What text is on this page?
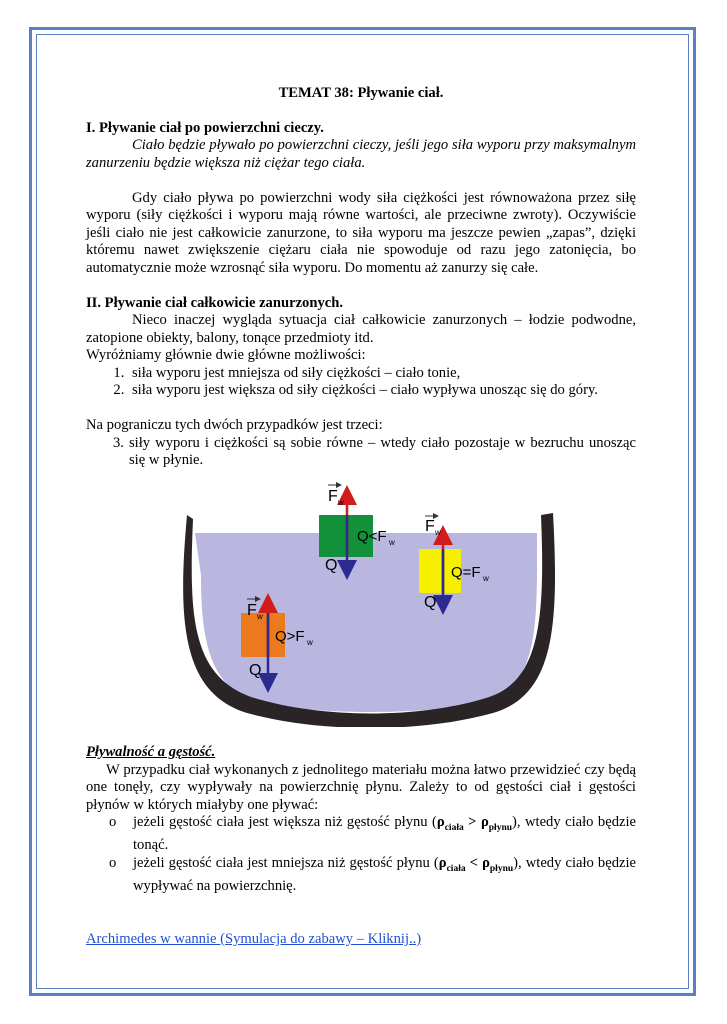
TEMAT 38: Pływanie ciał.

I. Pływanie ciał po powierzchni cieczy.

Ciało będzie pływało po powierzchni cieczy, jeśli jego siła wyporu przy maksymalnym zanurzeniu będzie większa niż ciężar tego ciała.

Gdy ciało pływa po powierzchni wody siła ciężkości jest równoważona przez siłę wyporu (siły ciężkości i wyporu mają równe wartości, ale przeciwne zwroty). Oczywiście jeśli ciało nie jest całkowicie zanurzone, to siła wyporu ma jeszcze pewien „zapas”, dzięki któremu nawet zwiększenie ciężaru ciała nie spowoduje od razu jego zatonięcia, bo automatycznie może wzrosnąć siła wyporu. Do momentu aż zanurzy się całe.

II. Pływanie ciał całkowicie zanurzonych.

Nieco inaczej wygląda sytuacja ciał całkowicie zanurzonych – łodzie podwodne, zatopione obiekty, balony, tonące przedmioty itd.

Wyróżniamy głównie dwie główne możliwości:

1. siła wyporu jest mniejsza od siły ciężkości – ciało tonie,
2. siła wyporu jest większa od siły ciężkości – ciało wypływa unosząc się do góry.

Na pograniczu tych dwóch przypadków jest trzeci:

3. siły wyporu i ciężkości są sobie równe – wtedy ciało pozostaje w bezruchu unosząc się w płynie.
F w
Q
Q<F w
F w
Q
Q=F w
F w
Q
Q>F w

Pływalność a gęstość.

W przypadku ciał wykonanych z jednolitego materiału można łatwo przewidzieć czy będą one tonęły, czy wypływały na powierzchnię płynu. Zależy to od gęstości ciał i gęstości płynów w których miałyby one pływać:

o	jeżeli gęstość ciała jest większa niż gęstość płynu $(\rho_{ciała} > \rho_{płynu})$, wtedy ciało będzie tonąć.
o	jeżeli gęstość ciała jest mniejsza niż gęstość płynu $(\rho_{ciała} < \rho_{płynu})$, wtedy ciało będzie wypływać na powierzchnię.
Archimedes w wannie (Symulacja do zabawy – Kliknij..)
